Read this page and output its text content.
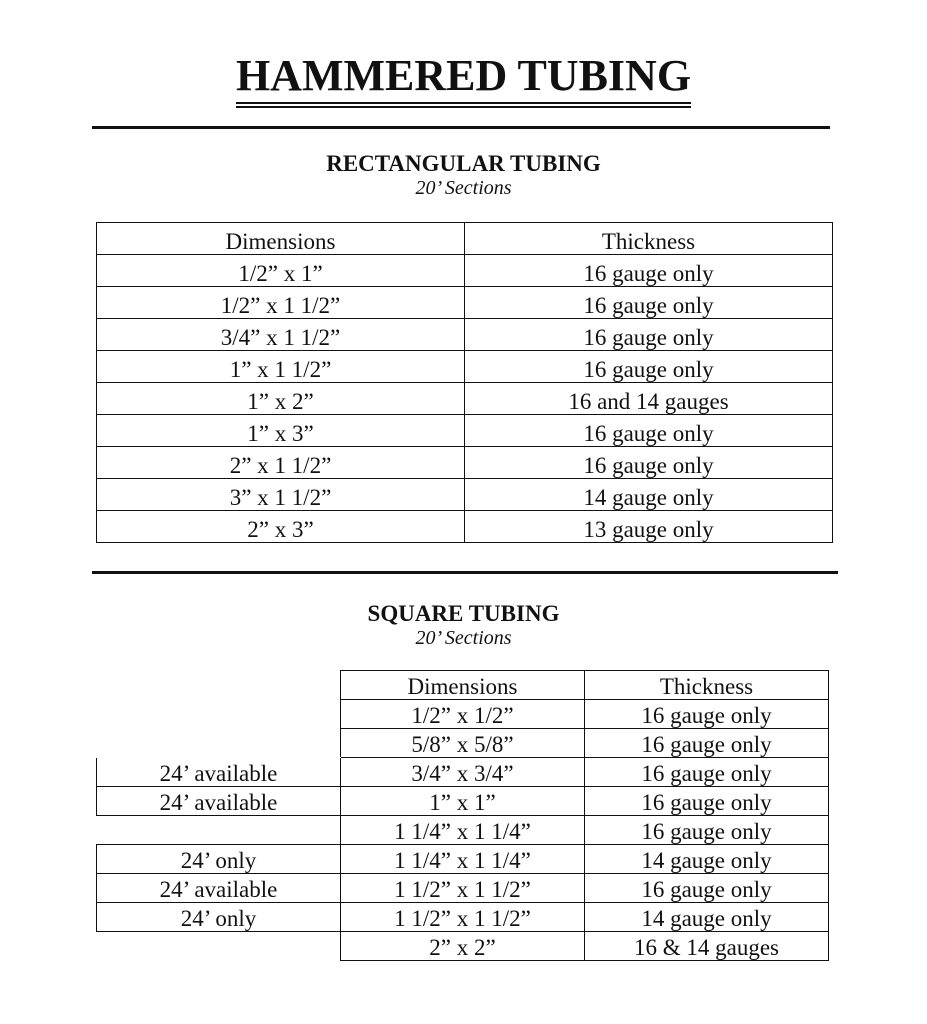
HAMMERED TUBING
RECTANGULAR TUBING
20’ Sections
Dimensions	Thickness
1/2” x 1”	16 gauge only
1/2” x 1 1/2”	16 gauge only
3/4” x 1 1/2”	16 gauge only
1” x 1 1/2”	16 gauge only
1” x 2”	16 and 14 gauges
1” x 3”	16 gauge only
2” x 1 1/2”	16 gauge only
3” x 1 1/2”	14 gauge only
2” x 3”	13 gauge only
SQUARE TUBING
20’ Sections
	Dimensions	Thickness
	1/2” x 1/2”	16 gauge only
	5/8” x 5/8”	16 gauge only
24’ available	3/4” x 3/4”	16 gauge only
24’ available	1” x 1”	16 gauge only
	1 1/4” x 1 1/4”	16 gauge only
24’ only	1 1/4” x 1 1/4”	14 gauge only
24’ available	1 1/2” x 1 1/2”	16 gauge only
24’ only	1 1/2” x 1 1/2”	14 gauge only
	2” x 2”	16 & 14 gauges
